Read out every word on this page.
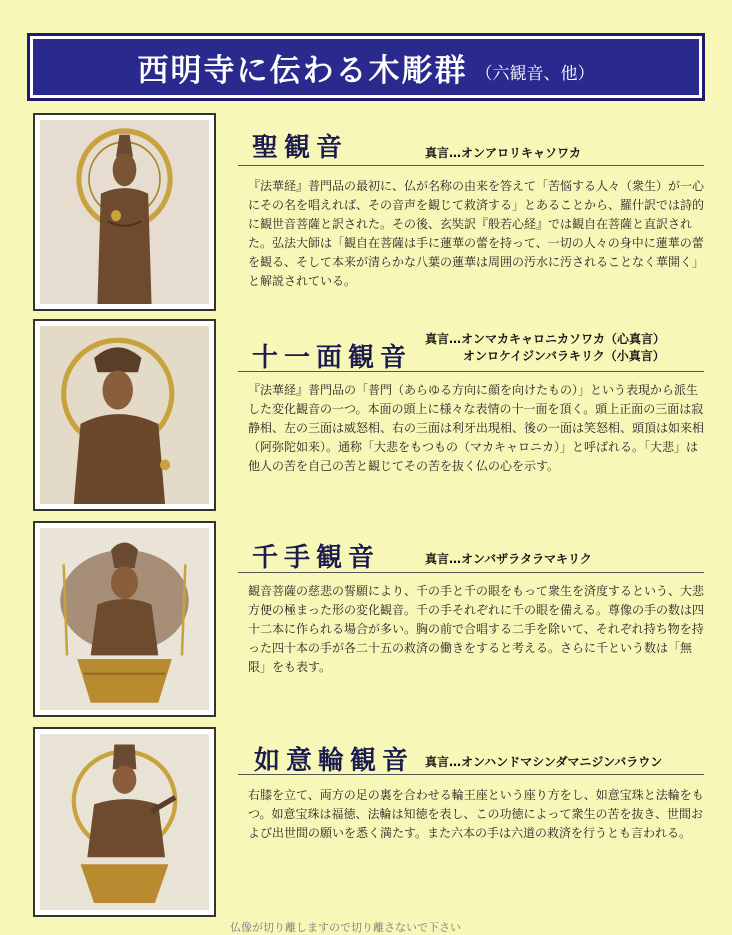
西明寺に伝わる木彫群 （六観音、他）
聖観音	真言…オンアロリキャソワカ
『法華経』普門品の最初に、仏が名称の由来を答えて「苦悩する人々（衆生）が一心にその名を唱えれば、その音声を観じて救済する」とあることから、羅什訳では詩的に観世音菩薩と訳された。その後、玄奘訳『般若心経』では観自在菩薩と直訳された。弘法大師は「観自在菩薩は手に蓮華の蕾を持って、一切の人々の身中に蓮華の蕾を観る、そして本来が清らかな八葉の蓮華は周囲の汚水に汚されることなく華開く」と解説されている。
十一面観音
真言…オンマカキャロニカソワカ（心真言）
オンロケイジンバラキリク（小真言）
『法華経』普門品の「普門（あらゆる方向に顔を向けたもの）」という表現から派生した変化観音の一つ。本面の頭上に様々な表情の十一面を頂く。頭上正面の三面は寂静相、左の三面は威怒相、右の三面は利牙出現相、後の一面は笑怒相、頭頂は如来相（阿弥陀如来）。通称「大悲をもつもの（マカキャロニカ）」と呼ばれる。「大悲」は他人の苦を自己の苦と観じてその苦を抜く仏の心を示す。
千手観音	真言…オンバザラタラマキリク
観音菩薩の慈悲の誓願により、千の手と千の眼をもって衆生を済度するという、大悲方便の極まった形の変化観音。千の手それぞれに千の眼を備える。尊像の手の数は四十二本に作られる場合が多い。胸の前で合唱する二手を除いて、それぞれ持ち物を持った四十本の手が各二十五の救済の働きをすると考える。さらに千という数は「無限」をも表す。
如意輪観音 真言…オンハンドマシンダマニジンバラウン
右膝を立て、両方の足の裏を合わせる輪王座という座り方をし、如意宝珠と法輪をもつ。如意宝珠は福徳、法輪は知徳を表し、この功徳によって衆生の苦を抜き、世間および出世間の願いを悉く満たす。また六本の手は六道の救済を行うとも言われる。
仏像が切り離しますので切り離さないで下さい
